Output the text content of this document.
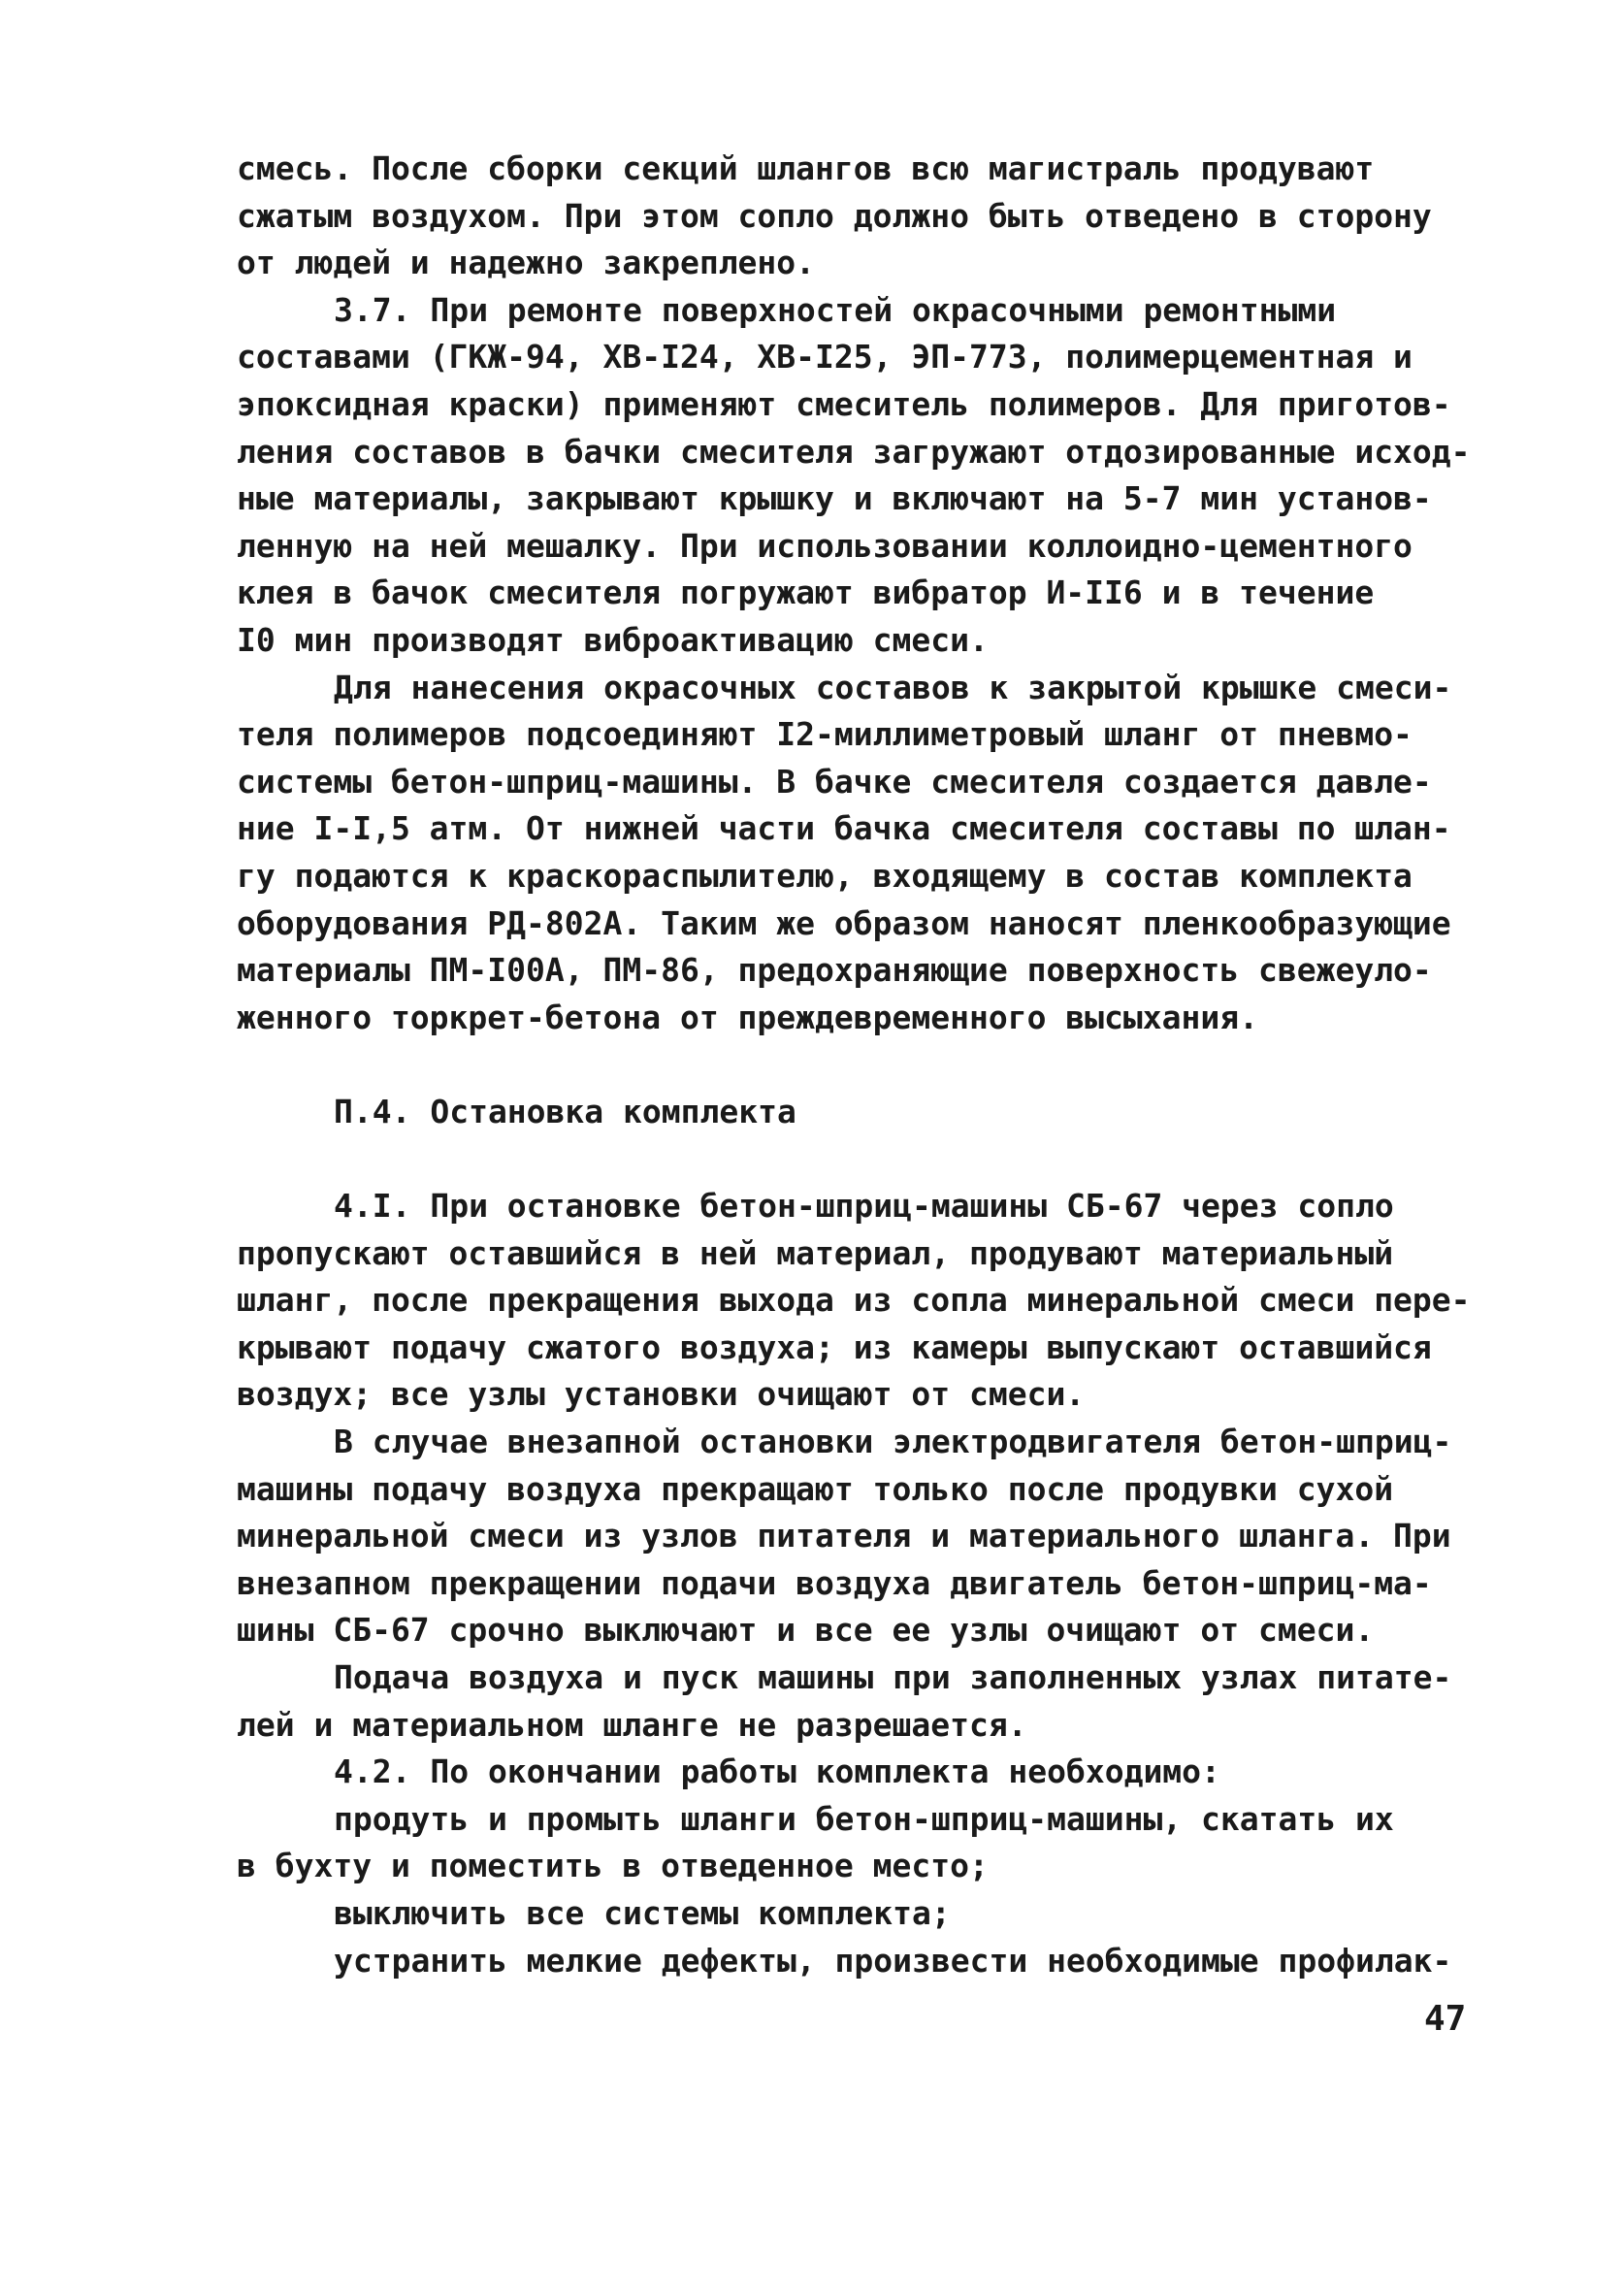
смесь. После сборки секций шлангов всю магистраль продувают
сжатым воздухом. При этом сопло должно быть отведено в сторону
от людей и надежно закреплено.
3.7. При ремонте поверхностей окрасочными ремонтными
составами (ГКЖ-94, ХВ-I24, ХВ-I25, ЭП-773, полимерцементная и
эпоксидная краски) применяют смеситель полимеров. Для приготов-
ления составов в бачки смесителя загружают отдозированные исход-
ные материалы, закрывают крышку и включают на 5-7 мин установ-
ленную на ней мешалку. При использовании коллоидно-цементного
клея в бачок смесителя погружают вибратор И-II6 и в течение
I0 мин производят виброактивацию смеси.
Для нанесения окрасочных составов к закрытой крышке смеси-
теля полимеров подсоединяют I2-миллиметровый шланг от пневмо-
системы бетон-шприц-машины. В бачке смесителя создается давле-
ние I-I,5 атм. От нижней части бачка смесителя составы по шлан-
гу подаются к краскораспылителю, входящему в состав комплекта
оборудования РД-802А. Таким же образом наносят пленкообразующие
материалы ПМ-I00А, ПМ-86, предохраняющие поверхность свежеуло-
женного торкрет-бетона от преждевременного высыхания.
П.4. Остановка комплекта
4.I. При остановке бетон-шприц-машины СБ-67 через сопло
пропускают оставшийся в ней материал, продувают материальный
шланг, после прекращения выхода из сопла минеральной смеси пере-
крывают подачу сжатого воздуха; из камеры выпускают оставшийся
воздух; все узлы установки очищают от смеси.
В случае внезапной остановки электродвигателя бетон-шприц-
машины подачу воздуха прекращают только после продувки сухой
минеральной смеси из узлов питателя и материального шланга. При
внезапном прекращении подачи воздуха двигатель бетон-шприц-ма-
шины СБ-67 срочно выключают и все ее узлы очищают от смеси.
Подача воздуха и пуск машины при заполненных узлах питате-
лей и материальном шланге не разрешается.
4.2. По окончании работы комплекта необходимо:
продуть и промыть шланги бетон-шприц-машины, скатать их
в бухту и поместить в отведенное место;
выключить все системы комплекта;
устранить мелкие дефекты, произвести необходимые профилак-
47
